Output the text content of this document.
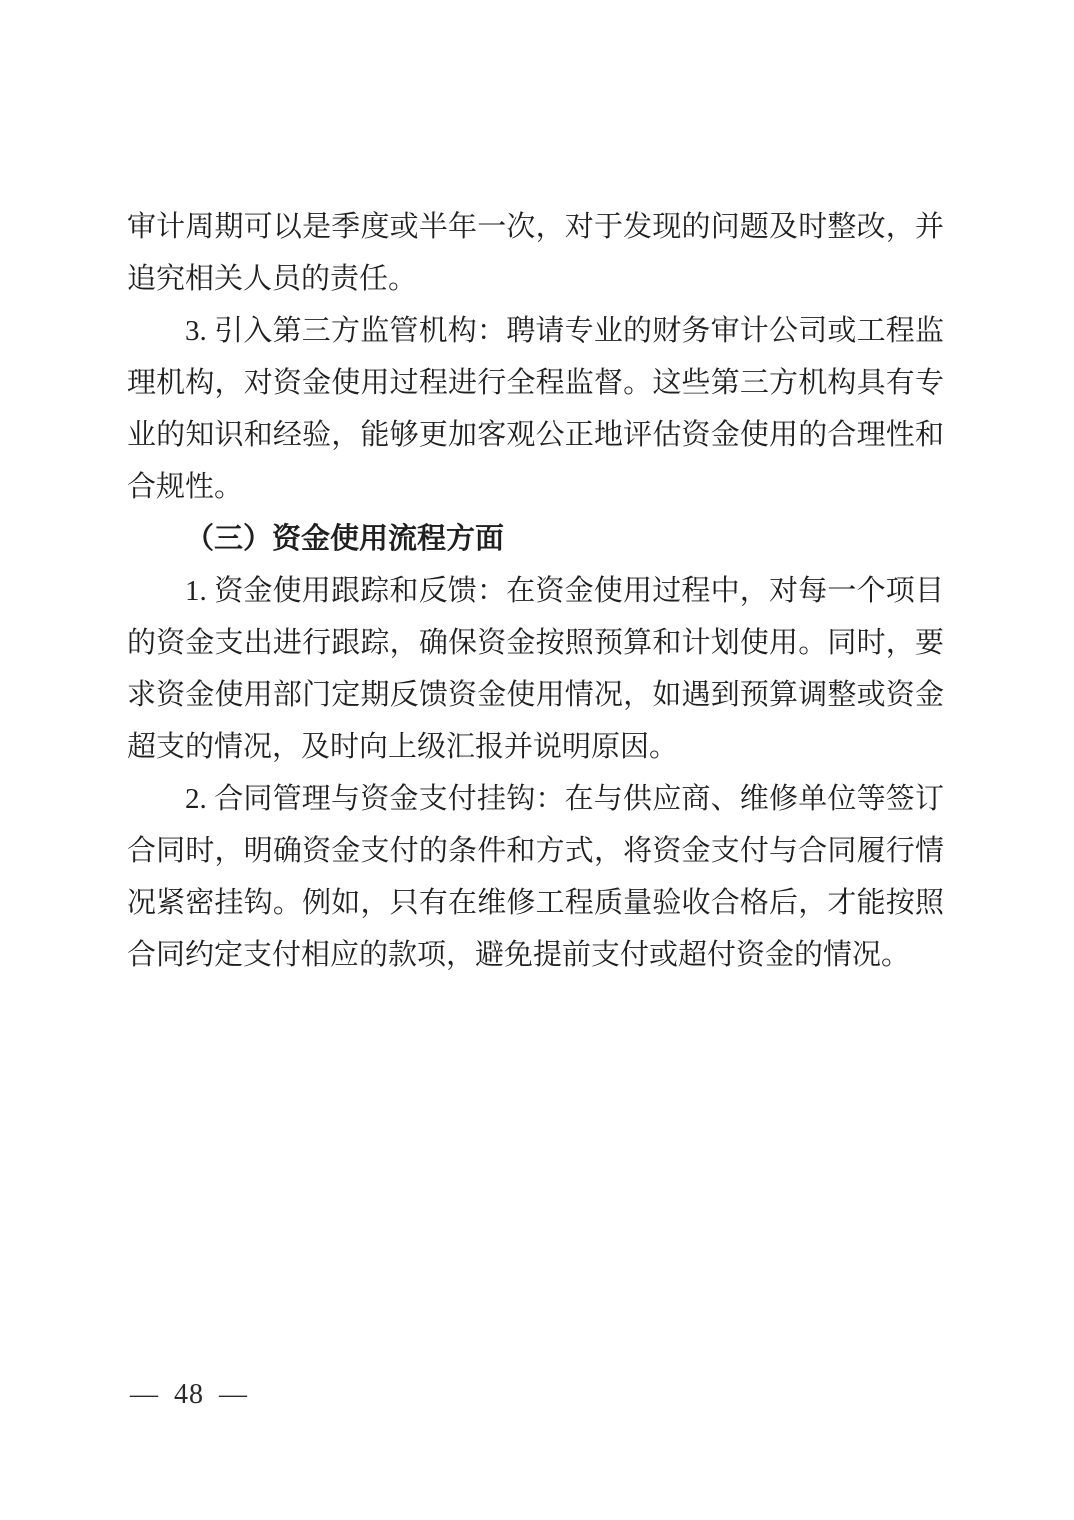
审计周期可以是季度或半年一次，对于发现的问题及时整改，并追究相关人员的责任。

3. 引入第三方监管机构：聘请专业的财务审计公司或工程监理机构，对资金使用过程进行全程监督。这些第三方机构具有专业的知识和经验，能够更加客观公正地评估资金使用的合理性和合规性。

（三）资金使用流程方面

1. 资金使用跟踪和反馈：在资金使用过程中，对每一个项目的资金支出进行跟踪，确保资金按照预算和计划使用。同时，要求资金使用部门定期反馈资金使用情况，如遇到预算调整或资金超支的情况，及时向上级汇报并说明原因。

2. 合同管理与资金支付挂钩：在与供应商、维修单位等签订合同时，明确资金支付的条件和方式，将资金支付与合同履行情况紧密挂钩。例如，只有在维修工程质量验收合格后，才能按照合同约定支付相应的款项，避免提前支付或超付资金的情况。

— 48 —
